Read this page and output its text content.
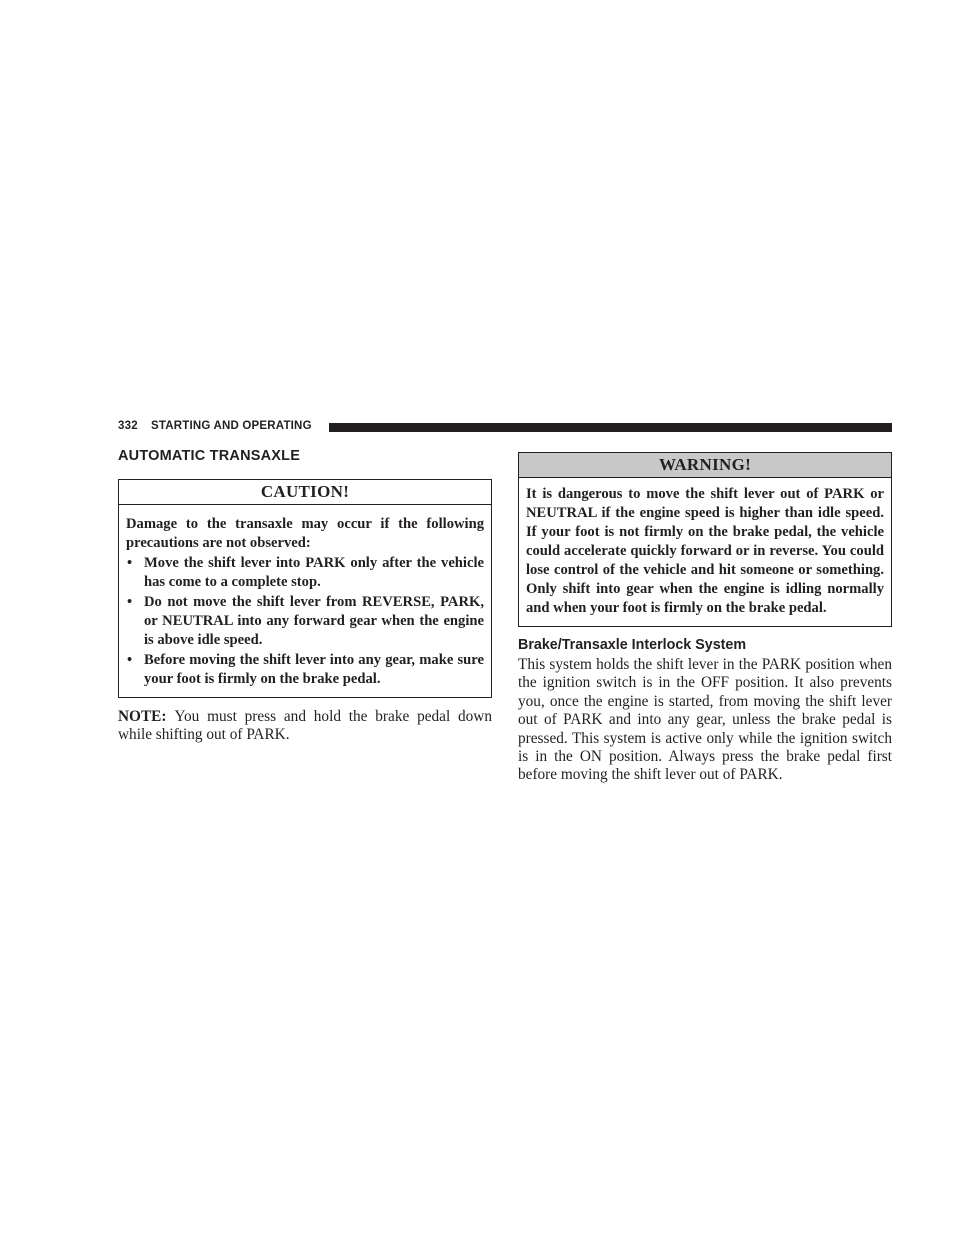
332 STARTING AND OPERATING
AUTOMATIC TRANSAXLE
CAUTION!

Damage to the transaxle may occur if the following precautions are not observed:

• Move the shift lever into PARK only after the vehicle has come to a complete stop.
• Do not move the shift lever from REVERSE, PARK, or NEUTRAL into any forward gear when the engine is above idle speed.
• Before moving the shift lever into any gear, make sure your foot is firmly on the brake pedal.

NOTE: You must press and hold the brake pedal down while shifting out of PARK.

WARNING!

It is dangerous to move the shift lever out of PARK or NEUTRAL if the engine speed is higher than idle speed. If your foot is not firmly on the brake pedal, the vehicle could accelerate quickly forward or in reverse. You could lose control of the vehicle and hit someone or something. Only shift into gear when the engine is idling normally and when your foot is firmly on the brake pedal.

Brake/Transaxle Interlock System

This system holds the shift lever in the PARK position when the ignition switch is in the OFF position. It also prevents you, once the engine is started, from moving the shift lever out of PARK and into any gear, unless the brake pedal is pressed. This system is active only while the ignition switch is in the ON position. Always press the brake pedal first before moving the shift lever out of PARK.
